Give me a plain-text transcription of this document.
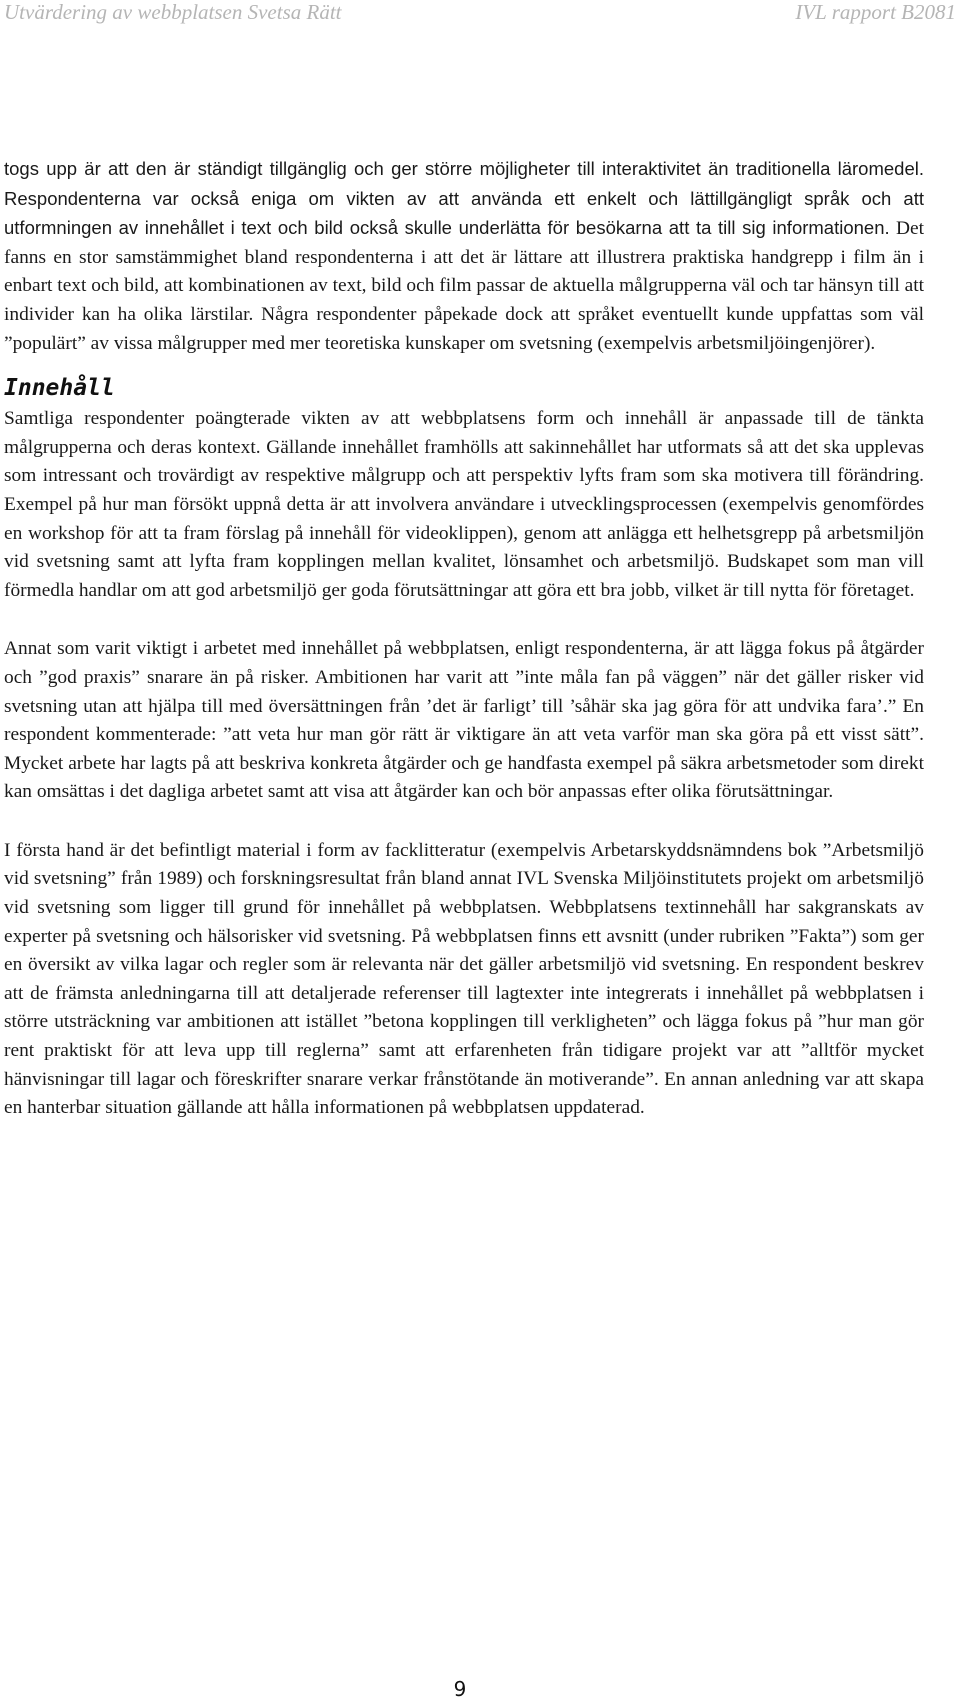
Utvärdering av webbplatsen Svetsa Rätt	IVL rapport B2081

togs upp är att den är ständigt tillgänglig och ger större möjligheter till interaktivitet än traditionella läromedel. Respondenterna var också eniga om vikten av att använda ett enkelt och lättillgängligt språk och att utformningen av innehållet i text och bild också skulle underlätta för besökarna att ta till sig informationen. Det fanns en stor samstämmighet bland respondenterna i att det är lättare att illustrera praktiska handgrepp i film än i enbart text och bild, att kombinationen av text, bild och film passar de aktuella målgrupperna väl och tar hänsyn till att individer kan ha olika lärstilar. Några respondenter påpekade dock att språket eventuellt kunde uppfattas som väl ”populärt” av vissa målgrupper med mer teoretiska kunskaper om svetsning (exempelvis arbetsmiljöingenjörer).

Innehåll

Samtliga respondenter poängterade vikten av att webbplatsens form och innehåll är anpassade till de tänkta målgrupperna och deras kontext. Gällande innehållet framhölls att sakinnehållet har utformats så att det ska upplevas som intressant och trovärdigt av respektive målgrupp och att perspektiv lyfts fram som ska motivera till förändring. Exempel på hur man försökt uppnå detta är att involvera användare i utvecklingsprocessen (exempelvis genomfördes en workshop för att ta fram förslag på innehåll för videoklippen), genom att anlägga ett helhetsgrepp på arbetsmiljön vid svetsning samt att lyfta fram kopplingen mellan kvalitet, lönsamhet och arbetsmiljö. Budskapet som man vill förmedla handlar om att god arbetsmiljö ger goda förutsättningar att göra ett bra jobb, vilket är till nytta för företaget.

Annat som varit viktigt i arbetet med innehållet på webbplatsen, enligt respondenterna, är att lägga fokus på åtgärder och ”god praxis” snarare än på risker. Ambitionen har varit att ”inte måla fan på väggen” när det gäller risker vid svetsning utan att hjälpa till med översättningen från ’det är farligt’ till ’såhär ska jag göra för att undvika fara’.” En respondent kommenterade: ”att veta hur man gör rätt är viktigare än att veta varför man ska göra på ett visst sätt”. Mycket arbete har lagts på att beskriva konkreta åtgärder och ge handfasta exempel på säkra arbetsmetoder som direkt kan omsättas i det dagliga arbetet samt att visa att åtgärder kan och bör anpassas efter olika förutsättningar.

I första hand är det befintligt material i form av facklitteratur (exempelvis Arbetarskyddsnämndens bok ”Arbetsmiljö vid svetsning” från 1989) och forskningsresultat från bland annat IVL Svenska Miljöinstitutets projekt om arbetsmiljö vid svetsning som ligger till grund för innehållet på webbplatsen. Webbplatsens textinnehåll har sakgranskats av experter på svetsning och hälsorisker vid svetsning. På webbplatsen finns ett avsnitt (under rubriken ”Fakta”) som ger en översikt av vilka lagar och regler som är relevanta när det gäller arbetsmiljö vid svetsning. En respondent beskrev att de främsta anledningarna till att detaljerade referenser till lagtexter inte integrerats i innehållet på webbplatsen i större utsträckning var ambitionen att istället ”betona kopplingen till verkligheten” och lägga fokus på ”hur man gör rent praktiskt för att leva upp till reglerna” samt att erfarenheten från tidigare projekt var att ”alltför mycket hänvisningar till lagar och föreskrifter snarare verkar frånstötande än motiverande”. En annan anledning var att skapa en hanterbar situation gällande att hålla informationen på webbplatsen uppdaterad.

9
